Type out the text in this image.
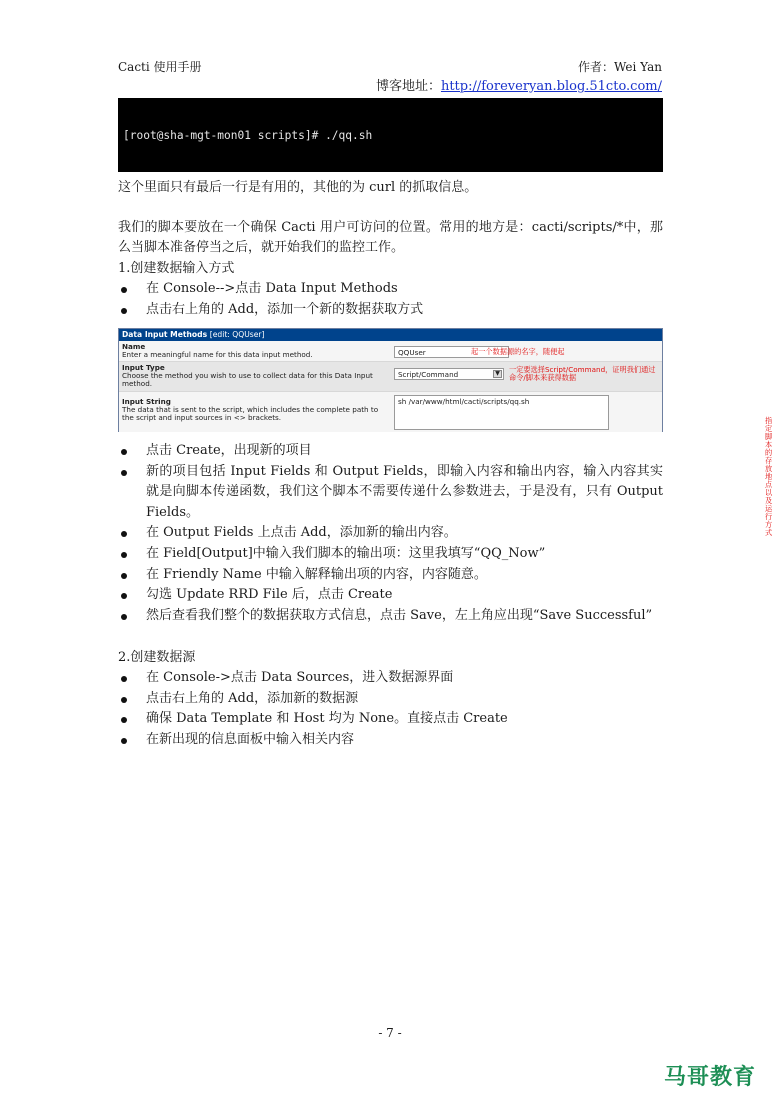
Cacti 使用手册	作者：Wei Yan
博客地址：http://foreveryan.blog.51cto.com/

[root@sha-mgt-mon01 scripts]# ./qq.sh

这个里面只有最后一行是有用的，其他的为 curl 的抓取信息。
我们的脚本要放在一个确保 Cacti 用户可访问的位置。常用的地方是：cacti/scripts/*中，那么当脚本准备停当之后，就开始我们的监控工作。
1.创建数据输入方式
在 Console-->点击 Data Input Methods
点击右上角的 Add，添加一个新的数据获取方式
Data Input Methods [edit: QQUser]
Name
Enter a meaningful name for this data input method.	QQUser	起一个数据源的名字，随便起
Input Type
Choose the method you wish to use to collect data for this Data Input method.
Script/Command	▼	一定要选择Script/Command，证明我们通过命令/脚本来获得数据
Input String
The data that is sent to the script, which includes the complete path to the script and input sources in <> brackets.
sh /var/www/html/cacti/scripts/qq.sh
指定脚本的存放地点以及运行方式
点击 Create，出现新的项目
新的项目包括 Input Fields 和 Output Fields，即输入内容和输出内容，输入内容其实就是向脚本传递函数，我们这个脚本不需要传递什么参数进去，于是没有，只有 Output Fields。
在 Output Fields 上点击 Add，添加新的输出内容。
在 Field[Output]中输入我们脚本的输出项：这里我填写“QQ_Now”
在 Friendly Name 中输入解释输出项的内容，内容随意。
勾选 Update RRD File 后，点击 Create
然后查看我们整个的数据获取方式信息，点击 Save，左上角应出现“Save Successful”
2.创建数据源
在 Console->点击 Data Sources，进入数据源界面
点击右上角的 Add，添加新的数据源
确保 Data Template 和 Host 均为 None。直接点击 Create
在新出现的信息面板中输入相关内容
- 7 -
马哥教育
